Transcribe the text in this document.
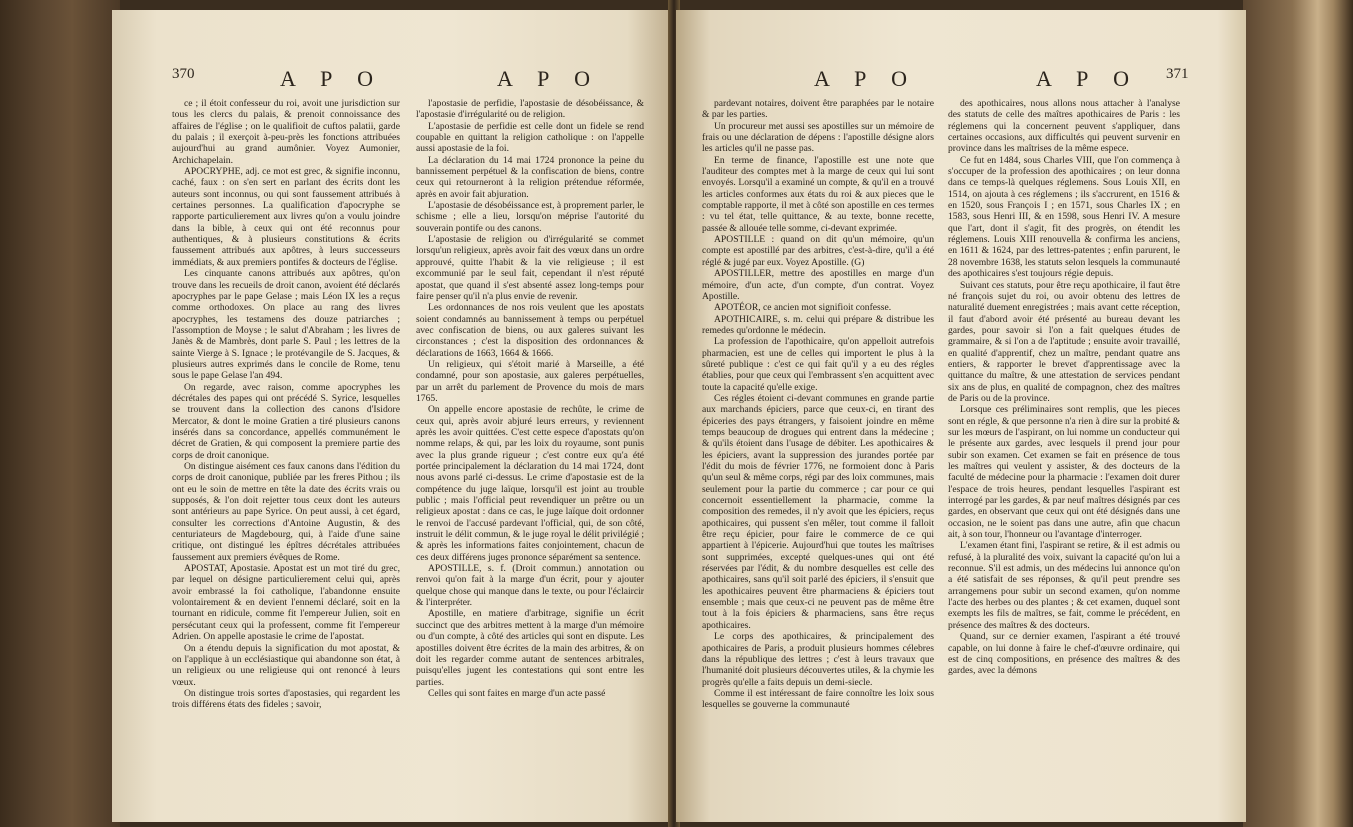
370	A P O	A P O

ce ; il étoit confesseur du roi, avoit une jurisdiction sur tous les clercs du palais, & prenoit connoissance des affaires de l'église ; on le qualifioit de cuftos palatii, garde du palais ; il exerçoit à-peu-près les fonctions attribuées aujourd'hui au grand aumônier. Voyez Aumonier, Archichapelain.

APOCRYPHE, adj. ce mot est grec, & signifie inconnu, caché, faux : on s'en sert en parlant des écrits dont les auteurs sont inconnus, ou qui sont faussement attribués à certaines personnes. La qualification d'apocryphe se rapporte particulierement aux livres qu'on a voulu joindre dans la bible, à ceux qui ont été reconnus pour authentiques, & à plusieurs constitutions & écrits faussement attribués aux apôtres, à leurs successeurs immédiats, & aux premiers pontifes & docteurs de l'église.

Les cinquante canons attribués aux apôtres, qu'on trouve dans les recueils de droit canon, avoient été déclarés apocryphes par le pape Gelase ; mais Léon IX les a reçus comme orthodoxes. On place au rang des livres apocryphes, les testamens des douze patriarches ; l'assomption de Moyse ; le salut d'Abraham ; les livres de Janès & de Mambrès, dont parle S. Paul ; les lettres de la sainte Vierge à S. Ignace ; le protévangile de S. Jacques, & plusieurs autres exprimés dans le concile de Rome, tenu sous le pape Gelase l'an 494.

On regarde, avec raison, comme apocryphes les décrétales des papes qui ont précédé S. Syrice, lesquelles se trouvent dans la collection des canons d'Isidore Mercator, & dont le moine Gratien a tiré plusieurs canons insérés dans sa concordance, appellés communément le décret de Gratien, & qui composent la premiere partie des corps de droit canonique.

On distingue aisément ces faux canons dans l'édition du corps de droit canonique, publiée par les freres Pithou ; ils ont eu le soin de mettre en tête la date des écrits vrais ou supposés, & l'on doit rejetter tous ceux dont les auteurs sont antérieurs au pape Syrice. On peut aussi, à cet égard, consulter les corrections d'Antoine Augustin, & des centuriateurs de Magdebourg, qui, à l'aide d'une saine critique, ont distingué les épîtres décrétales attribuées faussement aux premiers évêques de Rome.

APOSTAT, Apostasie. Apostat est un mot tiré du grec, par lequel on désigne particulierement celui qui, après avoir embrassé la foi catholique, l'abandonne ensuite volontairement & en devient l'ennemi déclaré, soit en la tournant en ridicule, comme fit l'empereur Julien, soit en persécutant ceux qui la professent, comme fit l'empereur Adrien. On appelle apostasie le crime de l'apostat.

On a étendu depuis la signification du mot apostat, & on l'applique à un ecclésiastique qui abandonne son état, à un religieux ou une religieuse qui ont renoncé à leurs vœux.

On distingue trois sortes d'apostasies, qui regardent les trois différens états des fideles ; savoir,

l'apostasie de perfidie, l'apostasie de désobéissance, & l'apostasie d'irrégularité ou de religion.

L'apostasie de perfidie est celle dont un fidele se rend coupable en quittant la religion catholique : on l'appelle aussi apostasie de la foi.

La déclaration du 14 mai 1724 prononce la peine du bannissement perpétuel & la confiscation de biens, contre ceux qui retourneront à la religion prétendue réformée, après en avoir fait abjuration.

L'apostasie de désobéissance est, à proprement parler, le schisme ; elle a lieu, lorsqu'on méprise l'autorité du souverain pontife ou des canons.

L'apostasie de religion ou d'irrégularité se commet lorsqu'un religieux, après avoir fait des vœux dans un ordre approuvé, quitte l'habit & la vie religieuse ; il est excommunié par le seul fait, cependant il n'est réputé apostat, que quand il s'est absenté assez long-temps pour faire penser qu'il n'a plus envie de revenir.

Les ordonnances de nos rois veulent que les apostats soient condamnés au bannissement à temps ou perpétuel avec confiscation de biens, ou aux galeres suivant les circonstances ; c'est la disposition des ordonnances & déclarations de 1663, 1664 & 1666.

Un religieux, qui s'étoit marié à Marseille, a été condamné, pour son apostasie, aux galeres perpétuelles, par un arrêt du parlement de Provence du mois de mars 1765.

On appelle encore apostasie de rechûte, le crime de ceux qui, après avoir abjuré leurs erreurs, y reviennent après les avoir quittées. C'est cette espece d'apostats qu'on nomme relaps, & qui, par les loix du royaume, sont punis avec la plus grande rigueur ; c'est contre eux qu'a été portée principalement la déclaration du 14 mai 1724, dont nous avons parlé ci-dessus. Le crime d'apostasie est de la compétence du juge laïque, lorsqu'il est joint au trouble public ; mais l'official peut revendiquer un prêtre ou un religieux apostat : dans ce cas, le juge laïque doit ordonner le renvoi de l'accusé pardevant l'official, qui, de son côté, instruit le délit commun, & le juge royal le délit privilégié ; & après les informations faites conjointement, chacun de ces deux différens juges prononce séparément sa sentence.

APOSTILLE, s. f. (Droit commun.) annotation ou renvoi qu'on fait à la marge d'un écrit, pour y ajouter quelque chose qui manque dans le texte, ou pour l'éclaircir & l'interpréter.

Apostille, en matiere d'arbitrage, signifie un écrit succinct que des arbitres mettent à la marge d'un mémoire ou d'un compte, à côté des articles qui sont en dispute. Les apostilles doivent être écrites de la main des arbitres, & on doit les regarder comme autant de sentences arbitrales, puisqu'elles jugent les contestations qui sont entre les parties.

Celles qui sont faites en marge d'un acte passé

A P O	A P O 371

pardevant notaires, doivent être paraphées par le notaire & par les parties.

Un procureur met aussi ses apostilles sur un mémoire de frais ou une déclaration de dépens : l'apostille désigne alors les articles qu'il ne passe pas.

En terme de finance, l'apostille est une note que l'auditeur des comptes met à la marge de ceux qui lui sont envoyés. Lorsqu'il a examiné un compte, & qu'il en a trouvé les articles conformes aux états du roi & aux pieces que le comptable rapporte, il met à côté son apostille en ces termes : vu tel état, telle quittance, & au texte, bonne recette, passée & allouée telle somme, ci-devant exprimée.

APOSTILLE : quand on dit qu'un mémoire, qu'un compte est apostillé par des arbitres, c'est-à-dire, qu'il a été réglé & jugé par eux. Voyez Apostille. (G)

APOSTILLER, mettre des apostilles en marge d'un mémoire, d'un acte, d'un compte, d'un contrat. Voyez Apostille.

APOTÉOR, ce ancien mot signifioit confesse.

APOTHICAIRE, s. m. celui qui prépare & distribue les remedes qu'ordonne le médecin.

La profession de l'apothicaire, qu'on appelloit autrefois pharmacien, est une de celles qui importent le plus à la sûreté publique : c'est ce qui fait qu'il y a eu des régles établies, pour que ceux qui l'embrassent s'en acquittent avec toute la capacité qu'elle exige.

Ces régles étoient ci-devant communes en grande partie aux marchands épiciers, parce que ceux-ci, en tirant des épiceries des pays étrangers, y faisoient joindre en même temps beaucoup de drogues qui entrent dans la médecine ; & qu'ils étoient dans l'usage de débiter. Les apothicaires & les épiciers, avant la suppression des jurandes portée par l'édit du mois de février 1776, ne formoient donc à Paris qu'un seul & même corps, régi par des loix communes, mais seulement pour la partie du commerce ; car pour ce qui concernoit essentiellement la pharmacie, comme la composition des remedes, il n'y avoit que les épiciers, reçus apothicaires, qui pussent s'en mêler, tout comme il falloit être reçu épicier, pour faire le commerce de ce qui appartient à l'épicerie. Aujourd'hui que toutes les maîtrises sont supprimées, excepté quelques-unes qui ont été réservées par l'édit, & du nombre desquelles est celle des apothicaires, sans qu'il soit parlé des épiciers, il s'ensuit que les apothicaires peuvent être pharmaciens & épiciers tout ensemble ; mais que ceux-ci ne peuvent pas de même être tout à la fois épiciers & pharmaciens, sans être reçus apothicaires.

Le corps des apothicaires, & principalement des apothicaires de Paris, a produit plusieurs hommes célebres dans la république des lettres ; c'est à leurs travaux que l'humanité doit plusieurs découvertes utiles, & la chymie les progrès qu'elle a faits depuis un demi-siecle.

Comme il est intéressant de faire connoître les loix sous lesquelles se gouverne la communauté

des apothicaires, nous allons nous attacher à l'analyse des statuts de celle des maîtres apothicaires de Paris : les réglemens qui la concernent peuvent s'appliquer, dans certaines occasions, aux difficultés qui peuvent survenir en province dans les maîtrises de la même espece.

Ce fut en 1484, sous Charles VIII, que l'on commença à s'occuper de la profession des apothicaires ; on leur donna dans ce temps-là quelques réglemens. Sous Louis XII, en 1514, on ajouta à ces réglemens ; ils s'accrurent, en 1516 & en 1520, sous François I ; en 1571, sous Charles IX ; en 1583, sous Henri III, & en 1598, sous Henri IV. A mesure que l'art, dont il s'agit, fit des progrès, on étendit les réglemens. Louis XIII renouvella & confirma les anciens, en 1611 & 1624, par des lettres-patentes ; enfin parurent, le 28 novembre 1638, les statuts selon lesquels la communauté des apothicaires s'est toujours régie depuis.

Suivant ces statuts, pour être reçu apothicaire, il faut être né françois sujet du roi, ou avoir obtenu des lettres de naturalité duement enregistrées ; mais avant cette réception, il faut d'abord avoir été présenté au bureau devant les gardes, pour savoir si l'on a fait quelques études de grammaire, & si l'on a de l'aptitude ; ensuite avoir travaillé, en qualité d'apprentif, chez un maître, pendant quatre ans entiers, & rapporter le brevet d'apprentissage avec la quittance du maître, & une attestation de services pendant six ans de plus, en qualité de compagnon, chez des maîtres de Paris ou de la province.

Lorsque ces préliminaires sont remplis, que les pieces sont en régle, & que personne n'a rien à dire sur la probité & sur les mœurs de l'aspirant, on lui nomme un conducteur qui le présente aux gardes, avec lesquels il prend jour pour subir son examen. Cet examen se fait en présence de tous les maîtres qui veulent y assister, & des docteurs de la faculté de médecine pour la pharmacie : l'examen doit durer l'espace de trois heures, pendant lesquelles l'aspirant est interrogé par les gardes, & par neuf maîtres désignés par ces gardes, en observant que ceux qui ont été désignés dans une occasion, ne le soient pas dans une autre, afin que chacun ait, à son tour, l'honneur ou l'avantage d'interroger.

L'examen étant fini, l'aspirant se retire, & il est admis ou refusé, à la pluralité des voix, suivant la capacité qu'on lui a reconnue. S'il est admis, un des médecins lui annonce qu'on a été satisfait de ses réponses, & qu'il peut prendre ses arrangemens pour subir un second examen, qu'on nomme l'acte des herbes ou des plantes ; & cet examen, duquel sont exempts les fils de maîtres, se fait, comme le précédent, en présence des maîtres & des docteurs.

Quand, sur ce dernier examen, l'aspirant a été trouvé capable, on lui donne à faire le chef-d'œuvre ordinaire, qui est de cinq compositions, en présence des maîtres & des gardes, avec la démons
